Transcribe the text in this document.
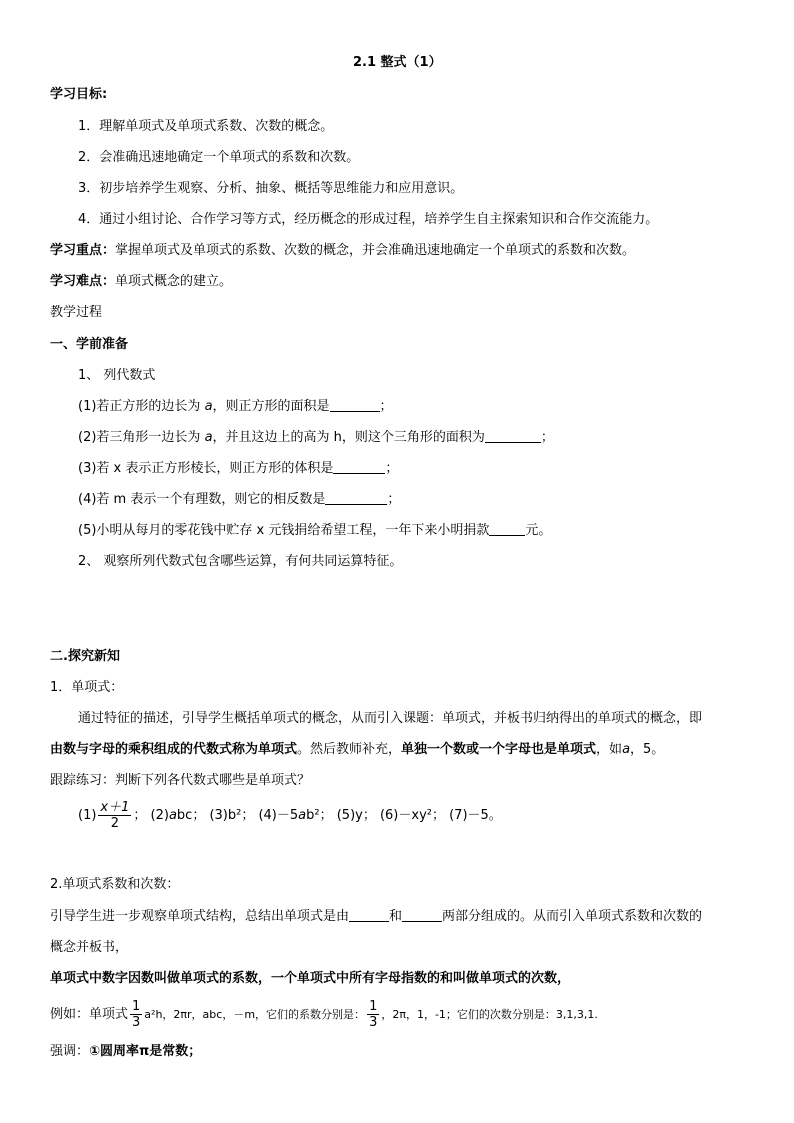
2.1 整式（1）
学习目标:
1．理解单项式及单项式系数、次数的概念。
2．会准确迅速地确定一个单项式的系数和次数。
3．初步培养学生观察、分析、抽象、概括等思维能力和应用意识。
4．通过小组讨论、合作学习等方式，经历概念的形成过程，培养学生自主探索知识和合作交流能力。
学习重点：掌握单项式及单项式的系数、次数的概念，并会准确迅速地确定一个单项式的系数和次数。
学习难点：单项式概念的建立。
教学过程
一、学前准备
1、 列代数式
(1)若正方形的边长为 a，则正方形的面积是	；
(2)若三角形一边长为 a，并且这边上的高为 h，则这个三角形的面积为	；
(3)若 x 表示正方形棱长，则正方形的体积是	；
(4)若 m 表示一个有理数，则它的相反数是	；
(5)小明从每月的零花钱中贮存 x 元钱捐给希望工程，一年下来小明捐款	元。
2、 观察所列代数式包含哪些运算，有何共同运算特征。
二.探究新知
1．单项式：
通过特征的描述，引导学生概括单项式的概念，从而引入课题：单项式，并板书归纳得出的单项式的概念，即
由数与字母的乘积组成的代数式称为单项式。然后教师补充，单独一个数或一个字母也是单项式，如a，5。
跟踪练习：判断下列各代数式哪些是单项式？
$(1) \frac{x+1}{2}$ ； (2)abc； (3)b²； (4)－5ab²； (5)y； (6)－xy²； (7)－5。
2.单项式系数和次数：
引导学生进一步观察单项式结构，总结出单项式是由	和	两部分组成的。从而引入单项式系数和次数的
概念并板书，
单项式中数字因数叫做单项式的系数，一个单项式中所有字母指数的和叫做单项式的次数，
例如：单项式 $\frac{1}{3} a^2h$，2πr，abc，－m，它们的系数分别是： $\frac{1}{3}$ ，2π，1，-1；它们的次数分别是：3,1,3,1.
强调：①圆周率π是常数；
